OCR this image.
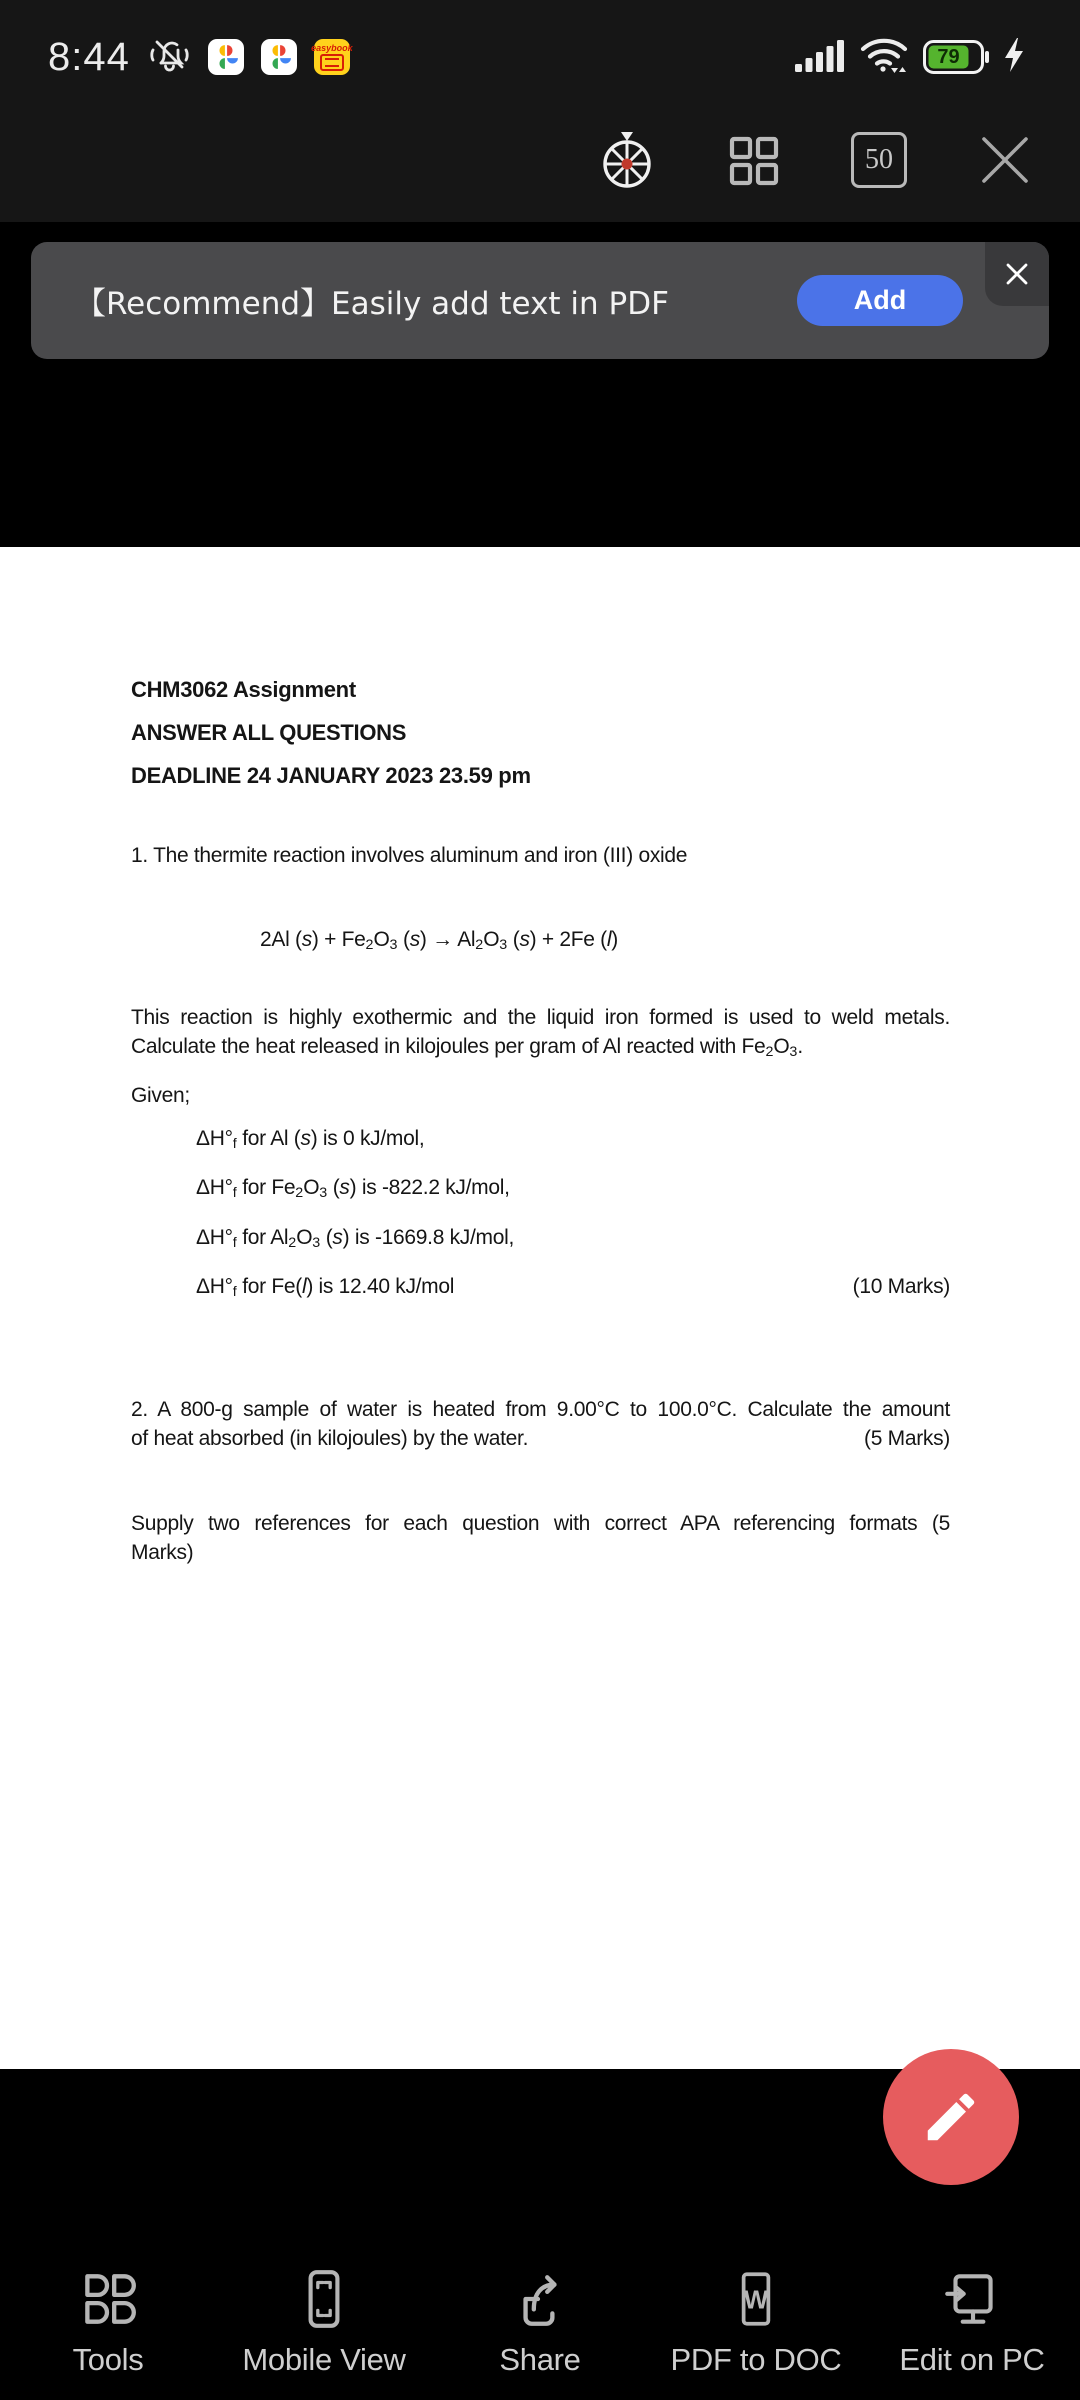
8:44	easybook	79
50
【Recommend】Easily add text in PDF	Add
CHM3062 Assignment
ANSWER ALL QUESTIONS
DEADLINE 24 JANUARY 2023 23.59 pm
1. The thermite reaction involves aluminum and iron (III) oxide
2Al (s) + Fe2O3 (s) → Al2O3 (s) + 2Fe (l)
This reaction is highly exothermic and the liquid iron formed is used to weld metals.
Calculate the heat released in kilojoules per gram of Al reacted with Fe2O3.
Given;
ΔH°f for Al (s) is 0 kJ/mol,
ΔH°f for Fe2O3 (s) is -822.2 kJ/mol,
ΔH°f for Al2O3 (s) is -1669.8 kJ/mol,
ΔH°f for Fe(l) is 12.40 kJ/mol	(10 Marks)
2. A 800-g sample of water is heated from 9.00°C to 100.0°C. Calculate the amount
of heat absorbed (in kilojoules) by the water.	(5 Marks)
Supply two references for each question with correct APA referencing formats (5
Marks)
Tools	Mobile View	Share
W
PDF to DOC Edit on PC
